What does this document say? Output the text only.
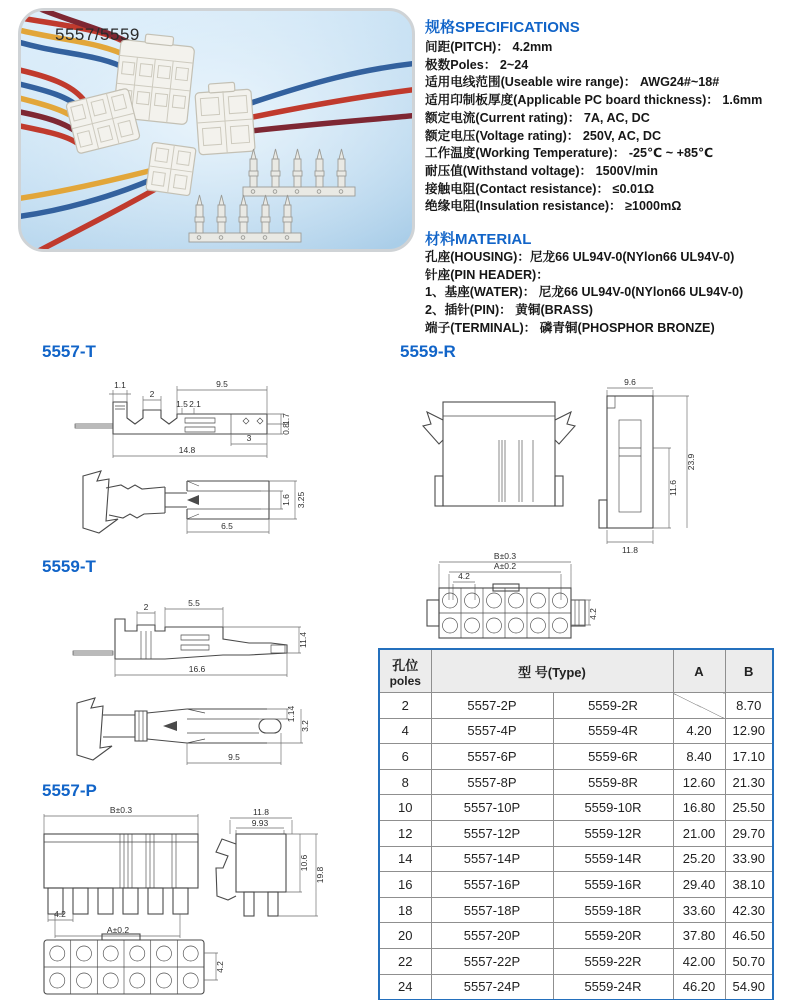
5557/5559	规格SPECIFICATIONS
间距(PITCH)： 4.2mm
极数Poles： 2~24
适用电线范围(Useable wire range)： AWG24#~18#
适用印制板厚度(Applicable PC board thickness)： 1.6mm
额定电流(Current rating)： 7A, AC, DC
额定电压(Voltage rating)： 250V, AC, DC
工作温度(Working Temperature)： -25℃ ~ +85℃
耐压值(Withstand voltage)： 1500V/min
接触电阻(Contact resistance)： ≤0.01Ω
绝缘电阻(Insulation resistance)： ≥1000mΩ
材料MATERIAL
孔座(HOUSING)：尼龙66 UL94V-0(NYlon66 UL94V-0)
针座(PIN HEADER)：
1、基座(WATER)： 尼龙66 UL94V-0(NYlon66 UL94V-0)
2、插针(PIN)： 黄铜(BRASS)
端子(TERMINAL)： 磷青铜(PHOSPHOR BRONZE)
5557-T
1.1
2
9.5
1.5 2.1
1.7
0.8
3
14.8
6.5
1.6 3.25
5559-T
2	5.5
11.4
16.6
1.14
3.2
9.5
5557-P
B±0.3
4.2
A±0.2
11.8
9.93
10.6
19.8
4.2
5559-R
9.6
23.9
11.6
11.8
B±0.3
A±0.2
4.2
4.2
孔位
poles	型 号(Type)		A	B
2	5557-2P	5559-2R		8.70
4	5557-4P	5559-4R	4.20	12.90
6	5557-6P	5559-6R	8.40	17.10
8	5557-8P	5559-8R	12.60	21.30
10	5557-10P	5559-10R	16.80	25.50
12	5557-12P	5559-12R	21.00	29.70
14	5557-14P	5559-14R	25.20	33.90
16	5557-16P	5559-16R	29.40	38.10
18	5557-18P	5559-18R	33.60	42.30
20	5557-20P	5559-20R	37.80	46.50
22	5557-22P	5559-22R	42.00	50.70
24	5557-24P	5559-24R	46.20	54.90
